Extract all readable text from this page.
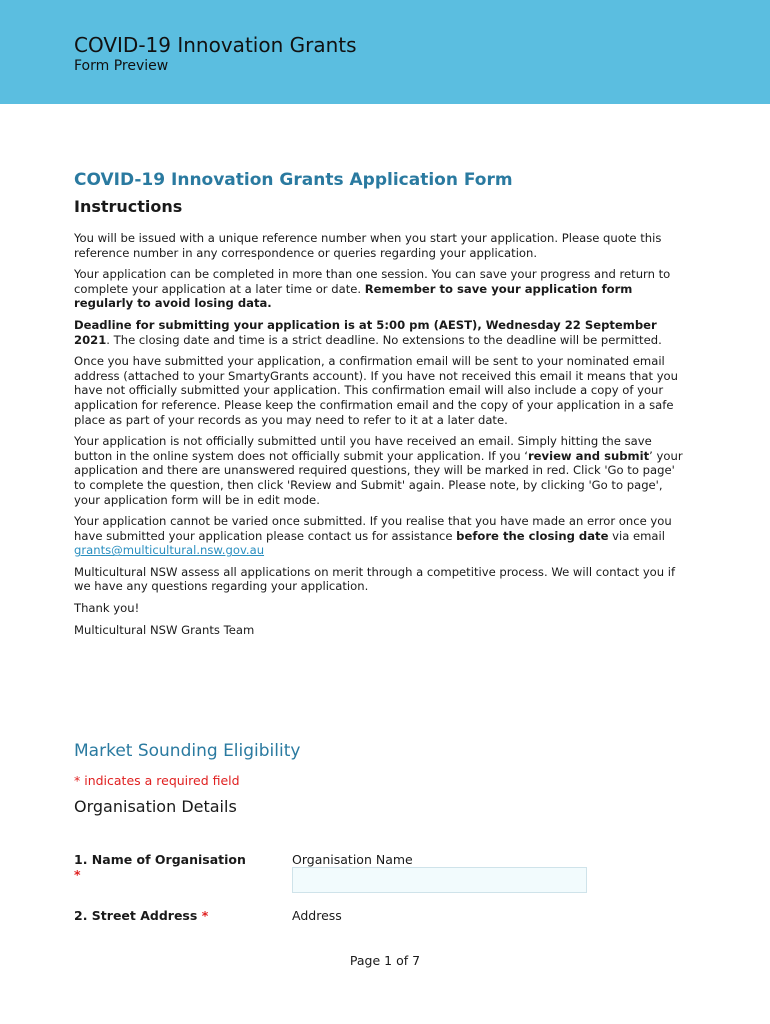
COVID-19 Innovation Grants
Form Preview
COVID-19 Innovation Grants Application Form
Instructions

You will be issued with a unique reference number when you start your application. Please quote this reference number in any correspondence or queries regarding your application.

Your application can be completed in more than one session. You can save your progress and return to complete your application at a later time or date. Remember to save your application form regularly to avoid losing data.

Deadline for submitting your application is at 5:00 pm (AEST), Wednesday 22 September 2021. The closing date and time is a strict deadline. No extensions to the deadline will be permitted.

Once you have submitted your application, a confirmation email will be sent to your nominated email address (attached to your SmartyGrants account). If you have not received this email it means that you have not officially submitted your application. This confirmation email will also include a copy of your application for reference. Please keep the confirmation email and the copy of your application in a safe place as part of your records as you may need to refer to it at a later date.

Your application is not officially submitted until you have received an email. Simply hitting the save button in the online system does not officially submit your application. If you ‘review and submit’ your application and there are unanswered required questions, they will be marked in red. Click 'Go to page' to complete the question, then click 'Review and Submit' again. Please note, by clicking 'Go to page', your application form will be in edit mode.

Your application cannot be varied once submitted. If you realise that you have made an error once you have submitted your application please contact us for assistance before the closing date via email grants@multicultural.nsw.gov.au

Multicultural NSW assess all applications on merit through a competitive process. We will contact you if we have any questions regarding your application.

Thank you!

Multicultural NSW Grants Team

Market Sounding Eligibility
* indicates a required field
Organisation Details
1. Name of Organisation
*
Organisation Name
2. Street Address *	Address
Page 1 of 7
